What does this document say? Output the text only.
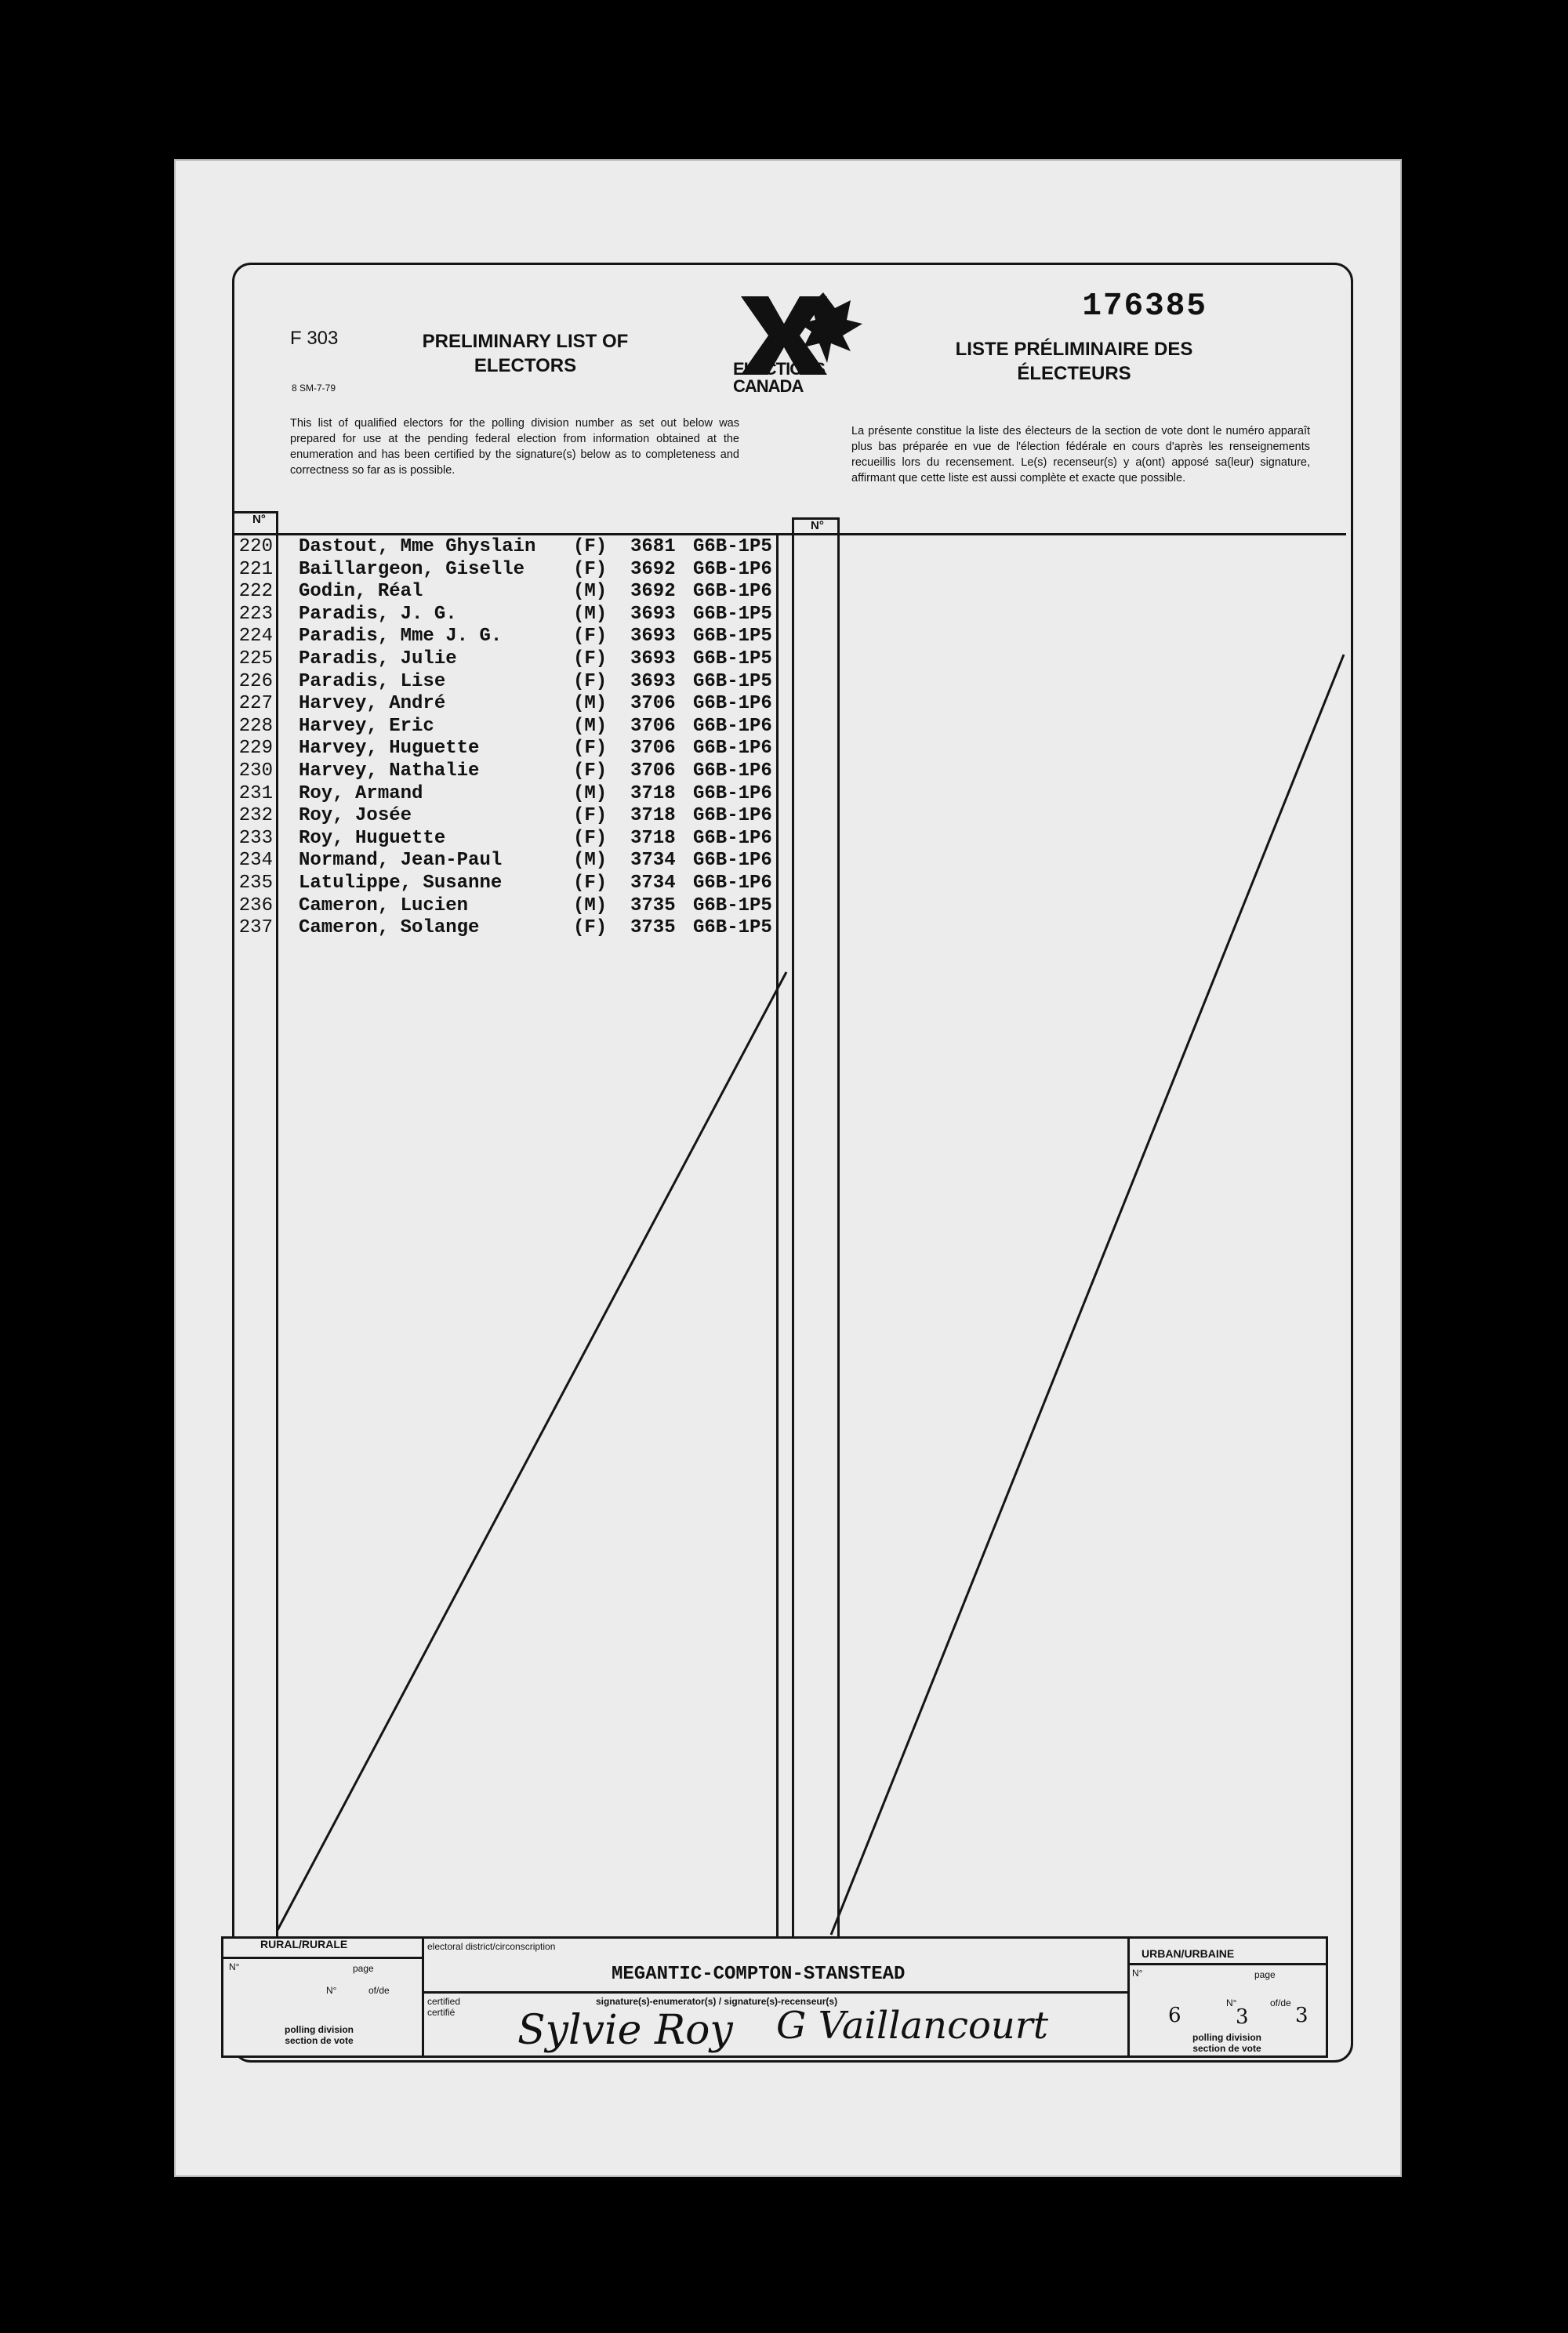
F 303
8 SM-7-79
PRELIMINARY LIST OF ELECTORS	ELECTIONS CANADA
176385
LISTE PRÉLIMINAIRE DES ÉLECTEURS
This list of qualified electors for the polling division number as set out below was prepared for use at the pending federal election from information obtained at the enumeration and has been certified by the signature(s) below as to completeness and correctness so far as is possible.
La présente constitue la liste des électeurs de la section de vote dont le numéro apparaît plus bas préparée en vue de l'élection fédérale en cours d'après les renseignements recueillis lors du recensement. Le(s) recenseur(s) y a(ont) apposé sa(leur) signature, affirmant que cette liste est aussi complète et exacte que possible.
N°	N°
220 Dastout, Mme Ghyslain (F) 3681 G6B-1P5
221 Baillargeon, Giselle	(F) 3692 G6B-1P6
222 Godin, Réal	(M) 3692 G6B-1P6
223 Paradis, J. G.	(M) 3693 G6B-1P5
224 Paradis, Mme J. G.	(F) 3693 G6B-1P5
225 Paradis, Julie	(F) 3693 G6B-1P5
226 Paradis, Lise	(F) 3693 G6B-1P5
227 Harvey, André	(M) 3706 G6B-1P6
228 Harvey, Eric	(M) 3706 G6B-1P6
229 Harvey, Huguette	(F) 3706 G6B-1P6
230 Harvey, Nathalie	(F) 3706 G6B-1P6
231 Roy, Armand	(M) 3718 G6B-1P6
232 Roy, Josée	(F) 3718 G6B-1P6
233 Roy, Huguette	(F) 3718 G6B-1P6
234 Normand, Jean-Paul	(M) 3734 G6B-1P6
235 Latulippe, Susanne	(F) 3734 G6B-1P6
236 Cameron, Lucien	(M) 3735 G6B-1P5
237 Cameron, Solange	(F) 3735 G6B-1P5
RURAL/RURALE
N°	page
N°	of/de
polling division section de vote
electoral district/circonscription
MEGANTIC-COMPTON-STANSTEAD
certified certifié
signature(s)-enumerator(s) / signature(s)-recenseur(s)
Sylvie Roy G Vaillancourt
URBAN/URBAINE
N°	page
N°	of/de
6	3 3
polling division section de vote
